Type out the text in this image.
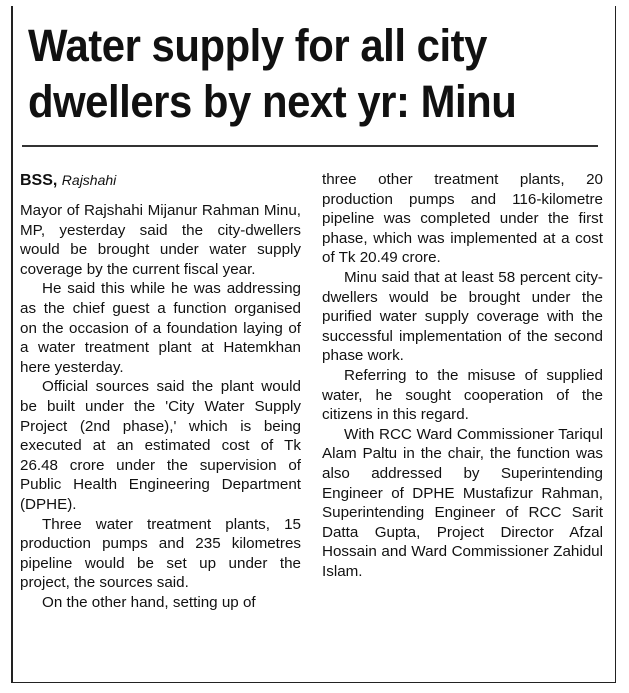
Water supply for all city dwellers by next yr: Minu
BSS, Rajshahi

Mayor of Rajshahi Mijanur Rahman Minu, MP, yesterday said the city-dwellers would be brought under water supply coverage by the current fiscal year.

He said this while he was addressing as the chief guest a function organised on the occasion of a foundation laying of a water treatment plant at Hatemkhan here yesterday.

Official sources said the plant would be built under the 'City Water Supply Project (2nd phase),' which is being executed at an estimated cost of Tk 26.48 crore under the supervision of Public Health Engineering Department (DPHE).

Three water treatment plants, 15 production pumps and 235 kilometres pipeline would be set up under the project, the sources said.

On the other hand, setting up of

three other treatment plants, 20 production pumps and 116-kilometre pipeline was completed under the first phase, which was implemented at a cost of Tk 20.49 crore.

Minu said that at least 58 percent city-dwellers would be brought under the purified water supply coverage with the successful implementation of the second phase work.

Referring to the misuse of supplied water, he sought cooperation of the citizens in this regard.

With RCC Ward Commissioner Tariqul Alam Paltu in the chair, the function was also addressed by Superintending Engineer of DPHE Mustafizur Rahman, Superintending Engineer of RCC Sarit Datta Gupta, Project Director Afzal Hossain and Ward Commissioner Zahidul Islam.
